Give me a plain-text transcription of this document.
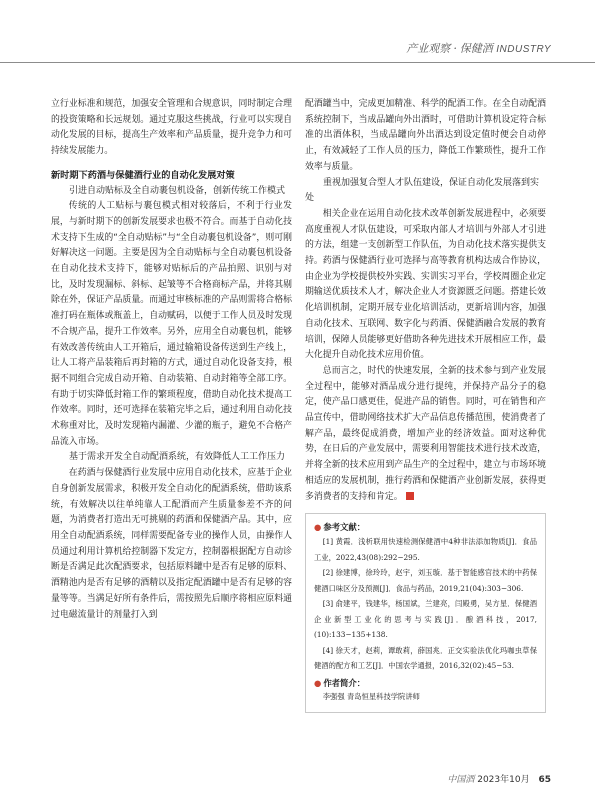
产业观察 · 保健酒 INDUSTRY

立行业标准和规范，加强安全管理和合规意识，同时制定合理的投资策略和长远规划。通过克服这些挑战，行业可以实现自动化发展的目标，提高生产效率和产品质量，提升竞争力和可持续发展能力。

新时期下药酒与保健酒行业的自动化发展对策
引进自动贴标及全自动裹包机设备，创新传统工作模式

传统的人工贴标与裹包模式相对较落后，不利于行业发展，与新时期下的创新发展要求也极不符合。而基于自动化技术支持下生成的“全自动贴标”与“全自动裹包机设备”，则可刚好解决这一问题。主要是因为全自动贴标与全自动裹包机设备在自动化技术支持下，能够对贴标后的产品拍照、识别与对比，及时发现漏标、斜标、起皱等不合格商标产品，并将其剔除在外，保证产品质量。而通过审核标准的产品则需将合格标准打码在瓶体或瓶盖上，自动赋码，以便于工作人员及时发现不合规产品，提升工作效率。另外，应用全自动裹包机，能够有效改善传统由人工开箱后，通过输箱设备传送到生产线上，让人工将产品装箱后再封箱的方式，通过自动化设备支持，根据不同组合完成自动开箱、自动装箱、自动封箱等全部工序。有助于切实降低封箱工作的繁琐程度，借助自动化技术提高工作效率。同时，还可选择在装箱完毕之后，通过利用自动化技术称重对比，及时发现箱内漏灌、少灌的瓶子，避免不合格产品流入市场。

基于需求开发全自动配酒系统，有效降低人工工作压力

在药酒与保健酒行业发展中应用自动化技术，应基于企业自身创新发展需求，积极开发全自动化的配酒系统，借助该系统，有效解决以往单纯靠人工配酒而产生质量参差不齐的问题，为消费者打造出无可挑剔的药酒和保健酒产品。其中，应用全自动配酒系统，同样需要配备专业的操作人员，由操作人员通过利用计算机给控制器下发定方，控制器根据配方自动诊断是否满足此次配酒要求，包括原料罐中是否有足够的原料、酒精池内是否有足够的酒精以及指定配酒罐中是否有足够的容量等等。当满足好所有条件后，需按照先后顺序将相应原料通过电磁流量计的剂量打入到

配酒罐当中，完成更加精准、科学的配酒工作。在全自动配酒系统控制下，当成品罐向外出酒时，可借助计算机设定符合标准的出酒体积，当成品罐向外出酒达到设定值时便会自动停止，有效减轻了工作人员的压力，降低工作繁琐性，提升工作效率与质量。

重视加强复合型人才队伍建设，保证自动化发展落到实处

相关企业在运用自动化技术改革创新发展进程中，必须要高度重视人才队伍建设，可采取内部人才培训与外部人才引进的方法，组建一支创新型工作队伍，为自动化技术落实提供支持。药酒与保健酒行业可选择与高等教育机构达成合作协议，由企业为学校提供校外实践、实训实习平台，学校周圈企业定期输送优质技术人才，解决企业人才资源匮乏问题。搭建长效化培训机制，定期开展专业化培训活动，更新培训内容，加强自动化技术、互联网、数字化与药酒、保健酒融合发展的教育培训，保障人员能够更好借助各种先进技术开展相应工作，最大化提升自动化技术应用价值。

总而言之，时代的快速发展，全新的技术参与到产业发展全过程中，能够对酒品成分进行提纯，并保持产品分子的稳定，使产品口感更佳，促进产品的销售。同时，可在销售和产品宣传中，借助网络技术扩大产品信息传播范围，使消费者了解产品，最终促成消费，增加产业的经济效益。面对这种优势，在日后的产业发展中，需要利用智能技术进行技术改造，并将全新的技术应用到产品生产的全过程中，建立与市场环境相适应的发展机制，推行药酒和保健酒产业创新发展，获得更多消费者的支持和肯定。

● 参考文献：
[1] 黄霞．浅析联用快速检测保健酒中4种非法添加物质[J]．食品工业，2022,43(08):292−295.
[2] 徐建博，徐玲玲，赵宇，刘玉璇．基于智能感官技术的中药保健酒口味区分及预测[J]．食品与药品，2019,21(04):303−306.
[3] 俞建平，钱建华，杨国斌，兰建亮，闫殿勇，吴方星．保健酒企业新型工业化的思考与实践[J]．酿酒科技，2017,(10):133−135+138.
[4] 徐天才，赵莉，谭敢莉，薛国兆．正交实验法优化玛咖虫草保健酒的配方和工艺[J]．中国农学通报，2016,32(02):45−53.
● 作者简介：
李强强 青岛恒星科技学院讲师
中国酒 2023年10月 65
